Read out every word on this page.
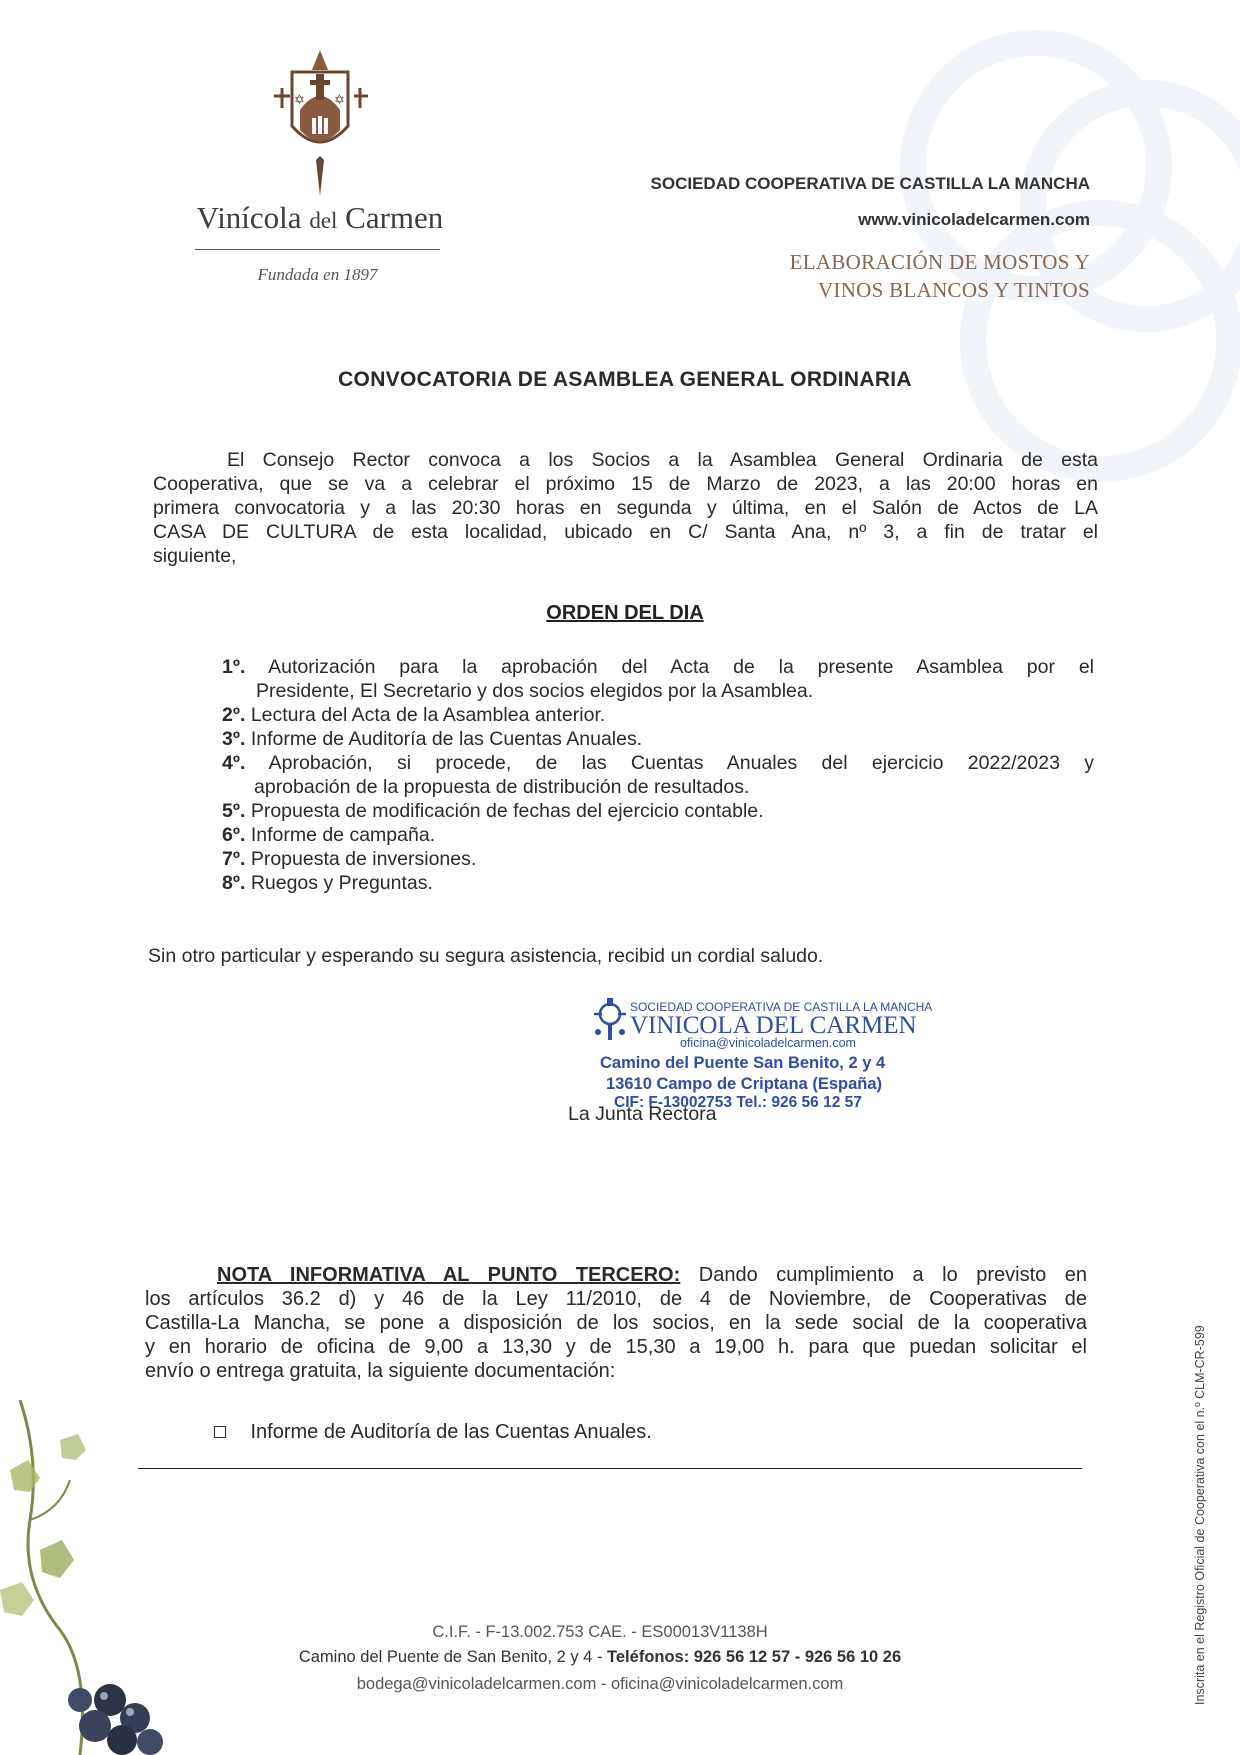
✡ ✡
Vinícola del Carmen
Fundada en 1897
SOCIEDAD COOPERATIVA DE CASTILLA LA MANCHA
www.vinicoladelcarmen.com
ELABORACIÓN DE MOSTOS Y
VINOS BLANCOS Y TINTOS
CONVOCATORIA DE ASAMBLEA GENERAL ORDINARIA
El Consejo Rector convoca a los Socios a la Asamblea General Ordinaria de esta
Cooperativa, que se va a celebrar el próximo 15 de Marzo de 2023, a las 20:00 horas en
primera convocatoria y a las 20:30 horas en segunda y última, en el Salón de Actos de LA
CASA DE CULTURA de esta localidad, ubicado en C/ Santa Ana, nº 3, a fin de tratar el
siguiente,
ORDEN DEL DIA
1º. Autorización para la aprobación del Acta de la presente Asamblea por el
Presidente, El Secretario y dos socios elegidos por la Asamblea.
2º. Lectura del Acta de la Asamblea anterior.
3º. Informe de Auditoría de las Cuentas Anuales.
4º. Aprobación, si procede, de las Cuentas Anuales del ejercicio 2022/2023 y
aprobación de la propuesta de distribución de resultados.
5º. Propuesta de modificación de fechas del ejercicio contable.
6º. Informe de campaña.
7º. Propuesta de inversiones.
8º. Ruegos y Preguntas.
Sin otro particular y esperando su segura asistencia, recibid un cordial saludo.
SOCIEDAD COOPERATIVA DE CASTILLA LA MANCHA
VINICOLA DEL CARMEN
oficina@vinicoladelcarmen.com
Camino del Puente San Benito, 2 y 4
13610 Campo de Criptana (España)
CIF: F-13002753 Tel.: 926 56 12 57
La Junta Rectora
NOTA INFORMATIVA AL PUNTO TERCERO: Dando cumplimiento a lo previsto en
los artículos 36.2 d) y 46 de la Ley 11/2010, de 4 de Noviembre, de Cooperativas de
Castilla-La Mancha, se pone a disposición de los socios, en la sede social de la cooperativa
y en horario de oficina de 9,00 a 13,30 y de 15,30 a 19,00 h. para que puedan solicitar el
envío o entrega gratuita, la siguiente documentación:
Informe de Auditoría de las Cuentas Anuales.
C.I.F. - F-13.002.753 CAE. - ES00013V1138H
Camino del Puente de San Benito, 2 y 4 - Teléfonos: 926 56 12 57 - 926 56 10 26
bodega@vinicoladelcarmen.com - oficina@vinicoladelcarmen.com	Inscrita en el Registro Oficial de Cooperativa con el n.º CLM-CR-599
